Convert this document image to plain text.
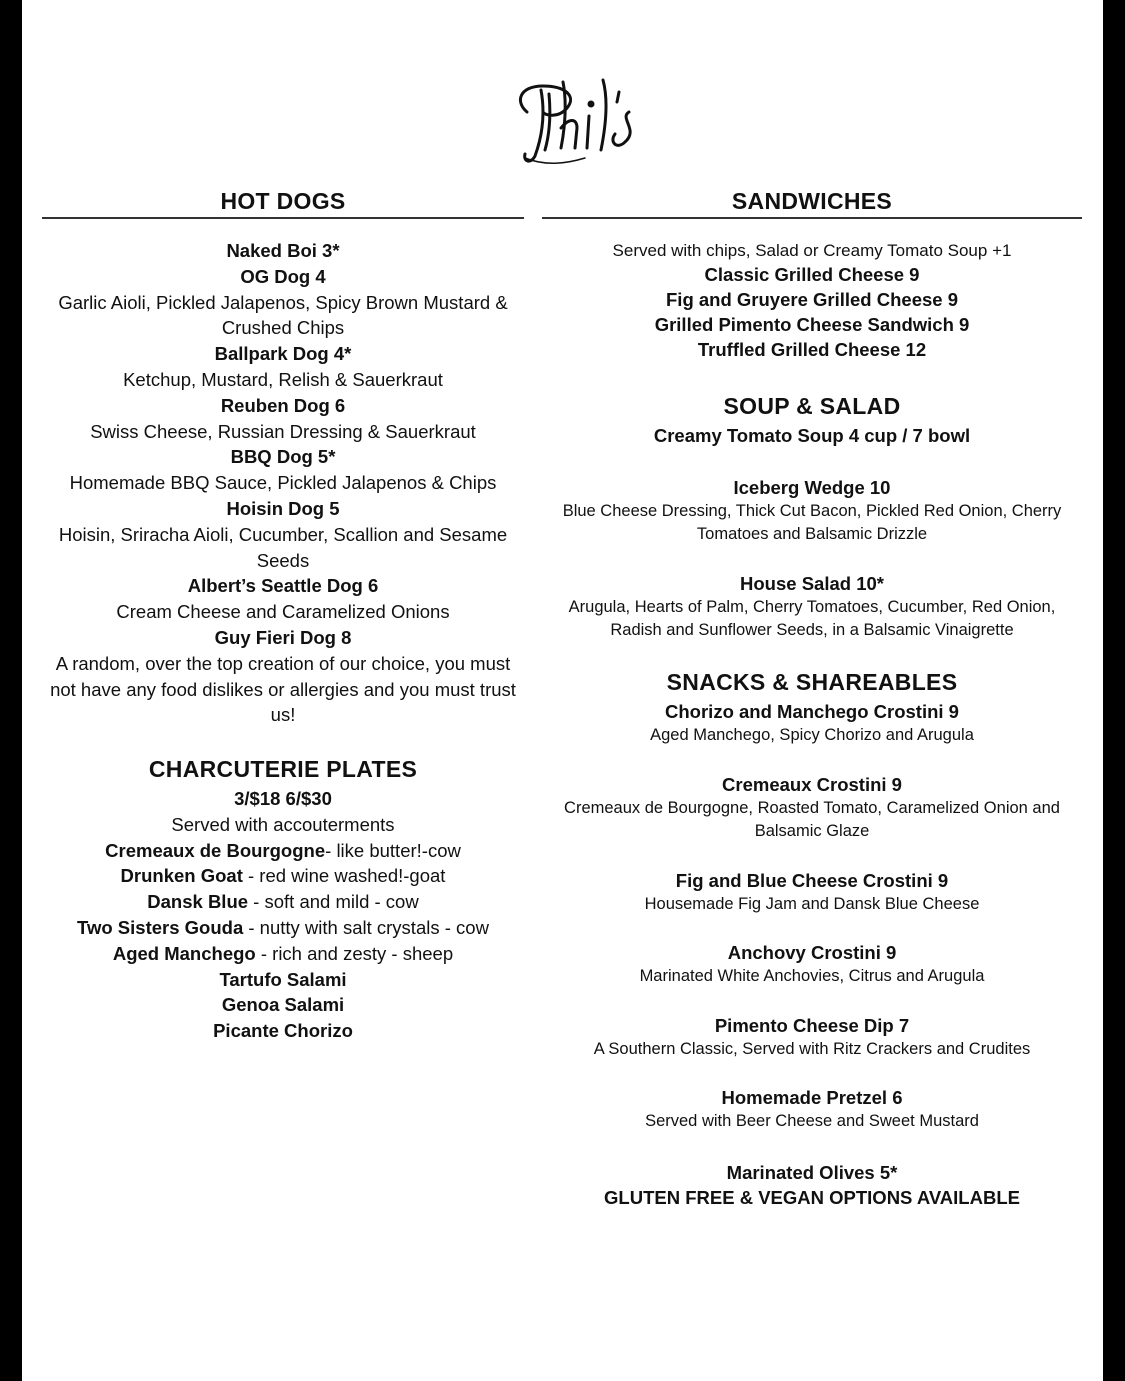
HOT DOGS
Naked Boi 3*
OG Dog 4
Garlic Aioli, Pickled Jalapenos, Spicy Brown Mustard & Crushed Chips
Ballpark Dog 4*
Ketchup, Mustard, Relish & Sauerkraut
Reuben Dog 6
Swiss Cheese, Russian Dressing & Sauerkraut
BBQ Dog 5*
Homemade BBQ Sauce, Pickled Jalapenos & Chips
Hoisin Dog 5
Hoisin, Sriracha Aioli, Cucumber, Scallion and Sesame Seeds
Albert’s Seattle Dog 6
Cream Cheese and Caramelized Onions
Guy Fieri Dog 8
A random, over the top creation of our choice, you must not have any food dislikes or allergies and you must trust us!
CHARCUTERIE PLATES
3/$18 6/$30
Served with accouterments
Cremeaux de Bourgogne- like butter!-cow
Drunken Goat - red wine washed!-goat
Dansk Blue - soft and mild - cow
Two Sisters Gouda - nutty with salt crystals - cow
Aged Manchego - rich and zesty - sheep
Tartufo Salami
Genoa Salami
Picante Chorizo
SANDWICHES
Served with chips, Salad or Creamy Tomato Soup +1
Classic Grilled Cheese 9
Fig and Gruyere Grilled Cheese 9
Grilled Pimento Cheese Sandwich 9
Truffled Grilled Cheese 12
SOUP & SALAD
Creamy Tomato Soup 4 cup / 7 bowl
Iceberg Wedge 10
Blue Cheese Dressing, Thick Cut Bacon, Pickled Red Onion, Cherry Tomatoes and Balsamic Drizzle
House Salad 10*
Arugula, Hearts of Palm, Cherry Tomatoes, Cucumber, Red Onion, Radish and Sunflower Seeds, in a Balsamic Vinaigrette
SNACKS & SHAREABLES
Chorizo and Manchego Crostini 9
Aged Manchego, Spicy Chorizo and Arugula
Cremeaux Crostini 9
Cremeaux de Bourgogne, Roasted Tomato, Caramelized Onion and Balsamic Glaze
Fig and Blue Cheese Crostini 9
Housemade Fig Jam and Dansk Blue Cheese
Anchovy Crostini 9
Marinated White Anchovies, Citrus and Arugula
Pimento Cheese Dip 7
A Southern Classic, Served with Ritz Crackers and Crudites
Homemade Pretzel 6
Served with Beer Cheese and Sweet Mustard
Marinated Olives 5*
GLUTEN FREE & VEGAN OPTIONS AVAILABLE
